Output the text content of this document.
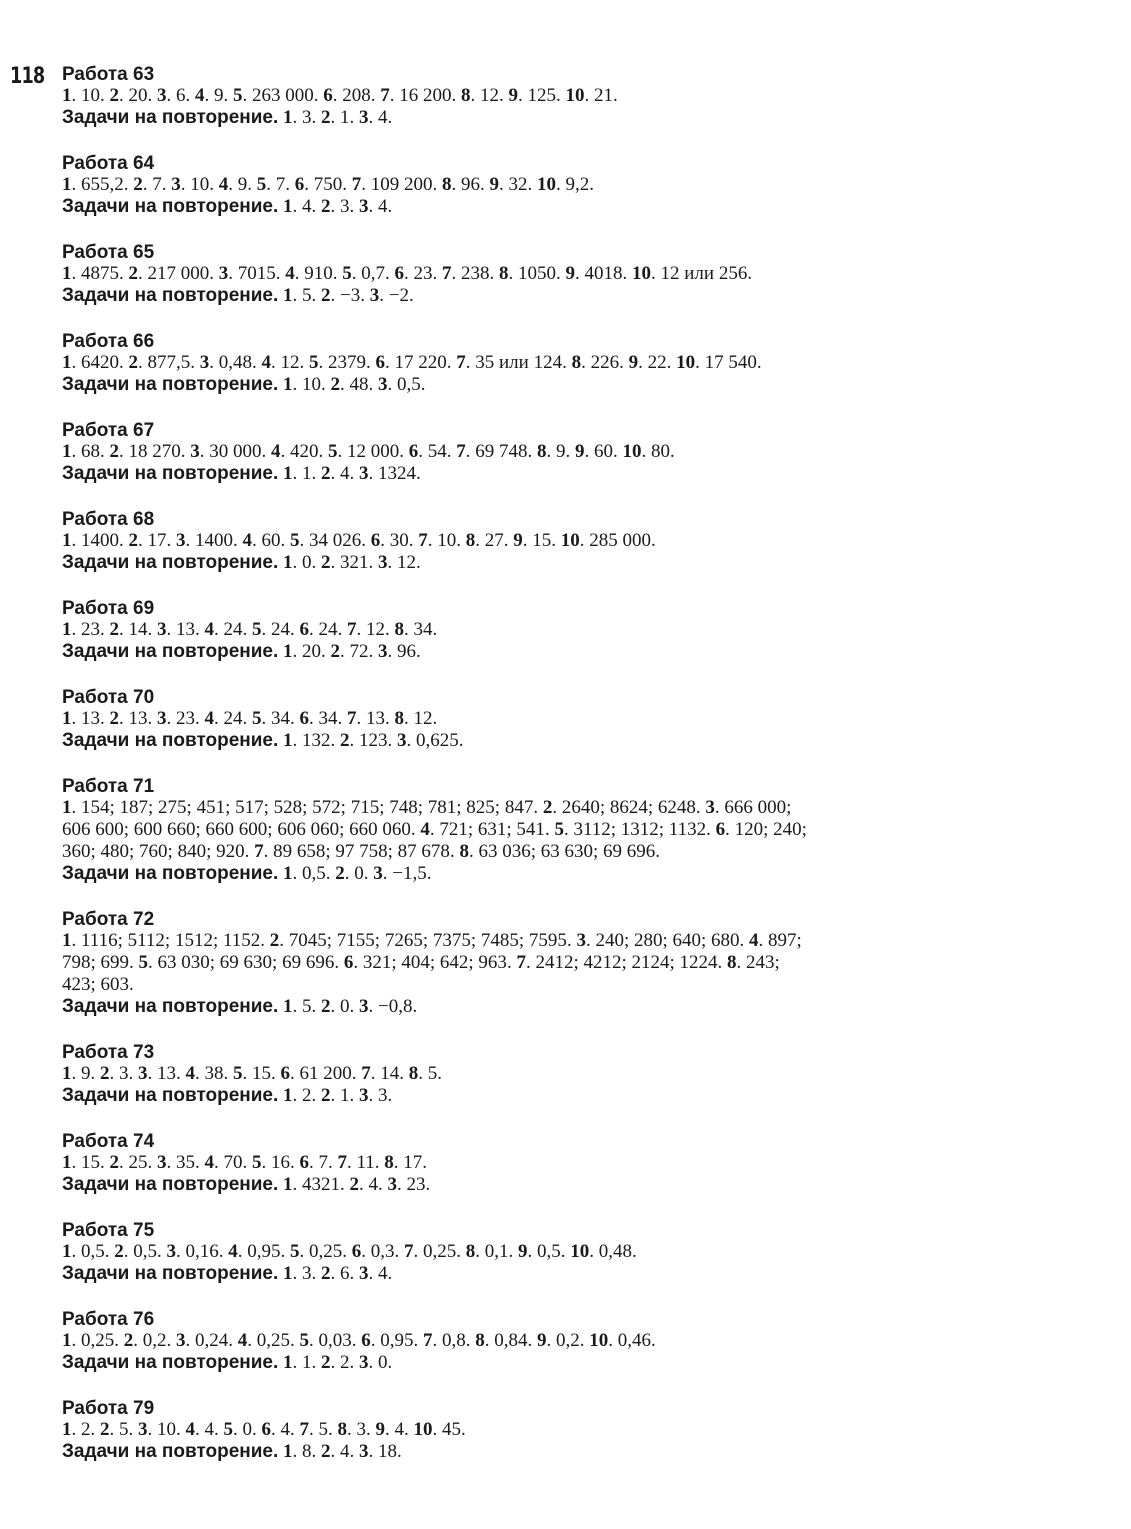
118 Работа 63
1. 10. 2. 20. 3. 6. 4. 9. 5. 263 000. 6. 208. 7. 16 200. 8. 12. 9. 125. 10. 21.
Задачи на повторение. 1. 3. 2. 1. 3. 4.
Работа 64
1. 655,2. 2. 7. 3. 10. 4. 9. 5. 7. 6. 750. 7. 109 200. 8. 96. 9. 32. 10. 9,2.
Задачи на повторение. 1. 4. 2. 3. 3. 4.
Работа 65
1. 4875. 2. 217 000. 3. 7015. 4. 910. 5. 0,7. 6. 23. 7. 238. 8. 1050. 9. 4018. 10. 12 или 256.
Задачи на повторение. 1. 5. 2. −3. 3. −2.
Работа 66
1. 6420. 2. 877,5. 3. 0,48. 4. 12. 5. 2379. 6. 17 220. 7. 35 или 124. 8. 226. 9. 22. 10. 17 540.
Задачи на повторение. 1. 10. 2. 48. 3. 0,5.
Работа 67
1. 68. 2. 18 270. 3. 30 000. 4. 420. 5. 12 000. 6. 54. 7. 69 748. 8. 9. 9. 60. 10. 80.
Задачи на повторение. 1. 1. 2. 4. 3. 1324.
Работа 68
1. 1400. 2. 17. 3. 1400. 4. 60. 5. 34 026. 6. 30. 7. 10. 8. 27. 9. 15. 10. 285 000.
Задачи на повторение. 1. 0. 2. 321. 3. 12.
Работа 69
1. 23. 2. 14. 3. 13. 4. 24. 5. 24. 6. 24. 7. 12. 8. 34.
Задачи на повторение. 1. 20. 2. 72. 3. 96.
Работа 70
1. 13. 2. 13. 3. 23. 4. 24. 5. 34. 6. 34. 7. 13. 8. 12.
Задачи на повторение. 1. 132. 2. 123. 3. 0,625.
Работа 71
1. 154; 187; 275; 451; 517; 528; 572; 715; 748; 781; 825; 847. 2. 2640; 8624; 6248. 3. 666 000;
606 600; 600 660; 660 600; 606 060; 660 060. 4. 721; 631; 541. 5. 3112; 1312; 1132. 6. 120; 240;
360; 480; 760; 840; 920. 7. 89 658; 97 758; 87 678. 8. 63 036; 63 630; 69 696.
Задачи на повторение. 1. 0,5. 2. 0. 3. −1,5.
Работа 72
1. 1116; 5112; 1512; 1152. 2. 7045; 7155; 7265; 7375; 7485; 7595. 3. 240; 280; 640; 680. 4. 897;
798; 699. 5. 63 030; 69 630; 69 696. 6. 321; 404; 642; 963. 7. 2412; 4212; 2124; 1224. 8. 243;
423; 603.
Задачи на повторение. 1. 5. 2. 0. 3. −0,8.
Работа 73
1. 9. 2. 3. 3. 13. 4. 38. 5. 15. 6. 61 200. 7. 14. 8. 5.
Задачи на повторение. 1. 2. 2. 1. 3. 3.
Работа 74
1. 15. 2. 25. 3. 35. 4. 70. 5. 16. 6. 7. 7. 11. 8. 17.
Задачи на повторение. 1. 4321. 2. 4. 3. 23.
Работа 75
1. 0,5. 2. 0,5. 3. 0,16. 4. 0,95. 5. 0,25. 6. 0,3. 7. 0,25. 8. 0,1. 9. 0,5. 10. 0,48.
Задачи на повторение. 1. 3. 2. 6. 3. 4.
Работа 76
1. 0,25. 2. 0,2. 3. 0,24. 4. 0,25. 5. 0,03. 6. 0,95. 7. 0,8. 8. 0,84. 9. 0,2. 10. 0,46.
Задачи на повторение. 1. 1. 2. 2. 3. 0.
Работа 79
1. 2. 2. 5. 3. 10. 4. 4. 5. 0. 6. 4. 7. 5. 8. 3. 9. 4. 10. 45.
Задачи на повторение. 1. 8. 2. 4. 3. 18.
